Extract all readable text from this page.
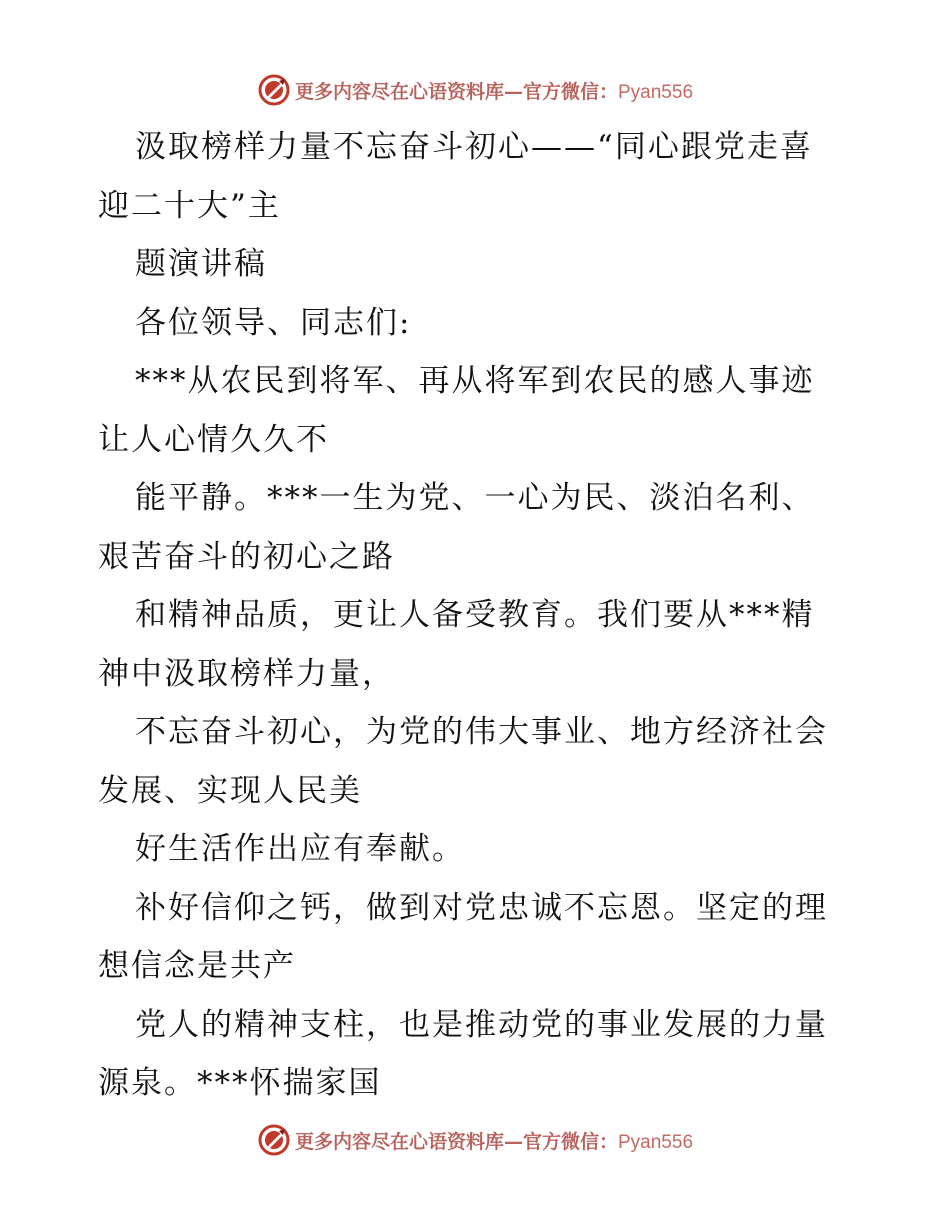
更多内容尽在心语资料库—官方微信：Pyan556
汲取榜样力量不忘奋斗初心——“同心跟党走喜
迎二十大”主
题演讲稿
各位领导、同志们:
***从农民到将军、再从将军到农民的感人事迹
让人心情久久不
能平静。***一生为党、一心为民、淡泊名利、
艰苦奋斗的初心之路
和精神品质，更让人备受教育。我们要从***精
神中汲取榜样力量，
不忘奋斗初心，为党的伟大事业、地方经济社会
发展、实现人民美
好生活作出应有奉献。
补好信仰之钙，做到对党忠诚不忘恩。坚定的理
想信念是共产
党人的精神支柱，也是推动党的事业发展的力量
源泉。***怀揣家国
更多内容尽在心语资料库—官方微信：Pyan556
